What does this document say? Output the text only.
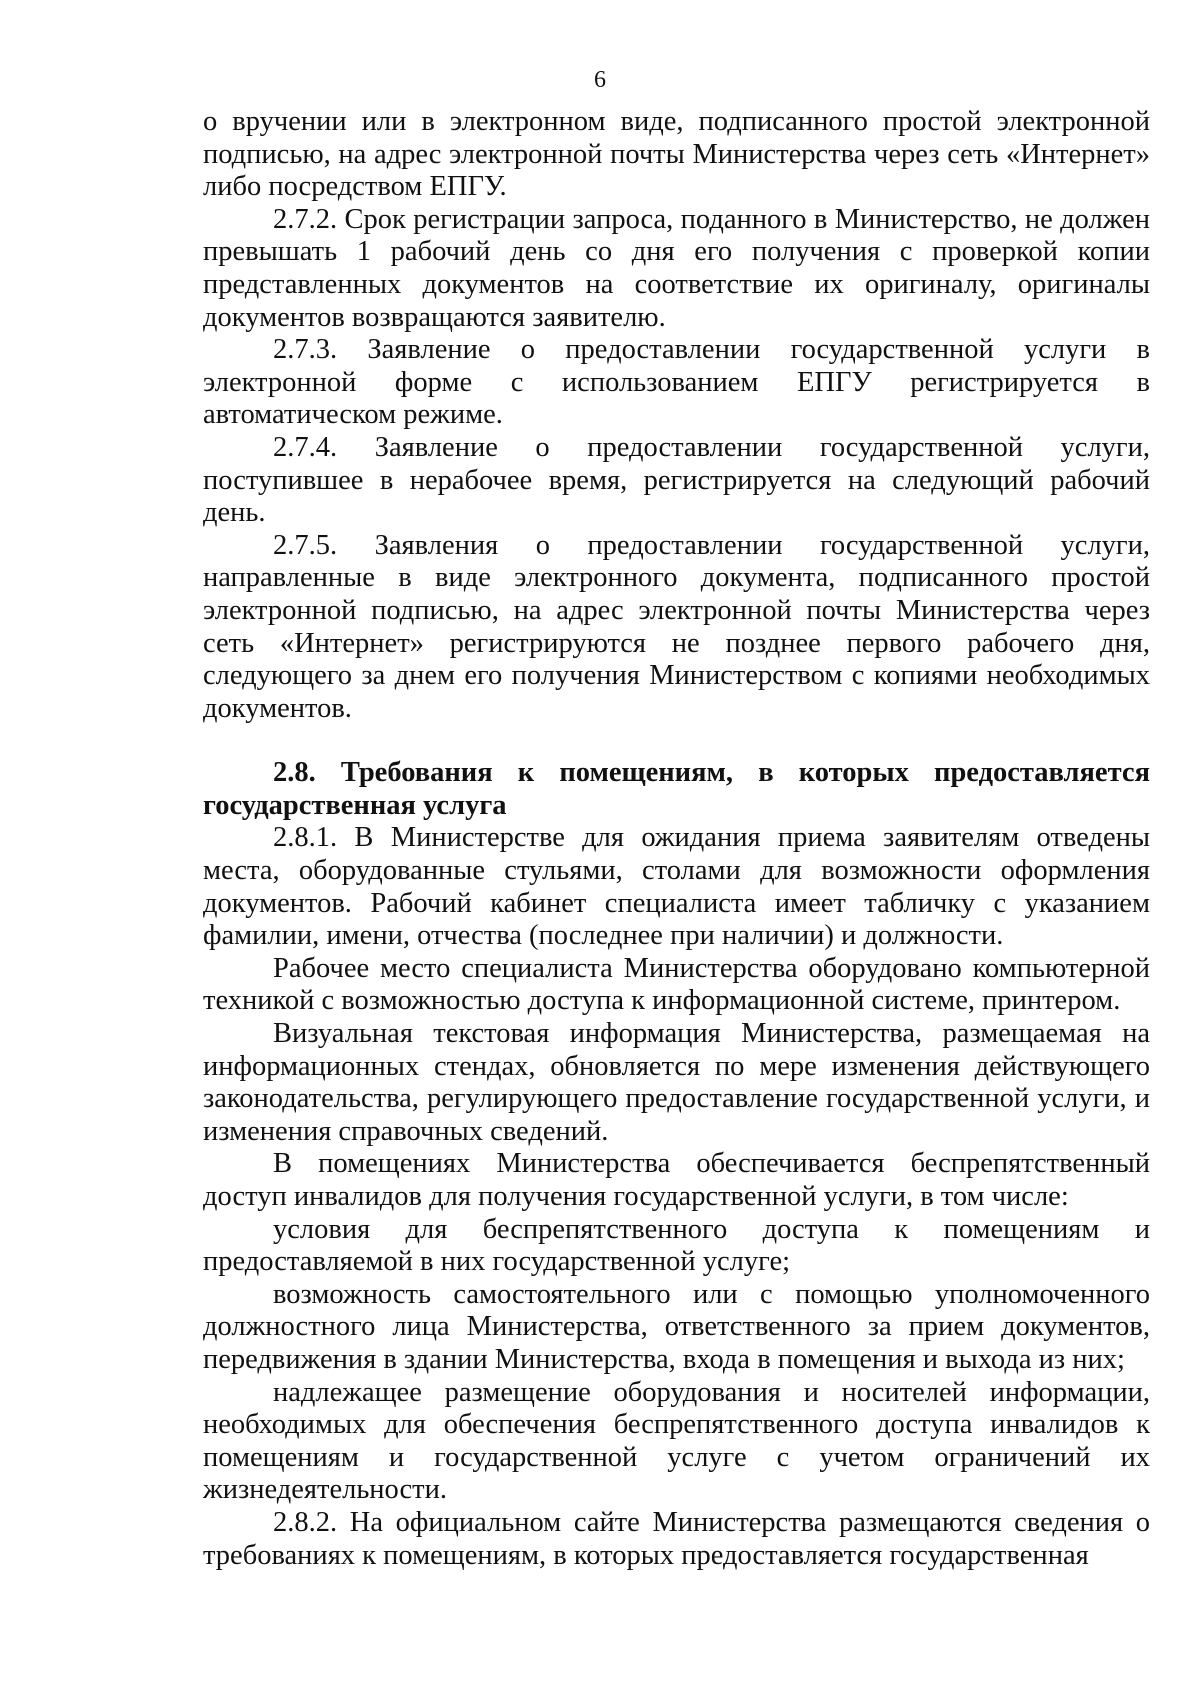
6

о вручении или в электронном виде, подписанного простой электронной подписью, на адрес электронной почты Министерства через сеть «Интернет» либо посредством ЕПГУ.

2.7.2. Срок регистрации запроса, поданного в Министерство, не должен превышать 1 рабочий день со дня его получения с проверкой копии представленных документов на соответствие их оригиналу, оригиналы документов возвращаются заявителю.

2.7.3. Заявление о предоставлении государственной услуги в электронной форме с использованием ЕПГУ регистрируется в автоматическом режиме.

2.7.4. Заявление о предоставлении государственной услуги, поступившее в нерабочее время, регистрируется на следующий рабочий день.

2.7.5. Заявления о предоставлении государственной услуги, направленные в виде электронного документа, подписанного простой электронной подписью, на адрес электронной почты Министерства через сеть «Интернет» регистрируются не позднее первого рабочего дня, следующего за днем его получения Министерством с копиями необходимых документов.

2.8. Требования к помещениям, в которых предоставляется государственная услуга

2.8.1. В Министерстве для ожидания приема заявителям отведены места, оборудованные стульями, столами для возможности оформления документов. Рабочий кабинет специалиста имеет табличку с указанием фамилии, имени, отчества (последнее при наличии) и должности.

Рабочее место специалиста Министерства оборудовано компьютерной техникой с возможностью доступа к информационной системе, принтером.

Визуальная текстовая информация Министерства, размещаемая на информационных стендах, обновляется по мере изменения действующего законодательства, регулирующего предоставление государственной услуги, и изменения справочных сведений.

В помещениях Министерства обеспечивается беспрепятственный доступ инвалидов для получения государственной услуги, в том числе:

условия для беспрепятственного доступа к помещениям и предоставляемой в них государственной услуге;

возможность самостоятельного или с помощью уполномоченного должностного лица Министерства, ответственного за прием документов, передвижения в здании Министерства, входа в помещения и выхода из них;

надлежащее размещение оборудования и носителей информации, необходимых для обеспечения беспрепятственного доступа инвалидов к помещениям и государственной услуге с учетом ограничений их жизнедеятельности.

2.8.2. На официальном сайте Министерства размещаются сведения о требованиях к помещениям, в которых предоставляется государственная
